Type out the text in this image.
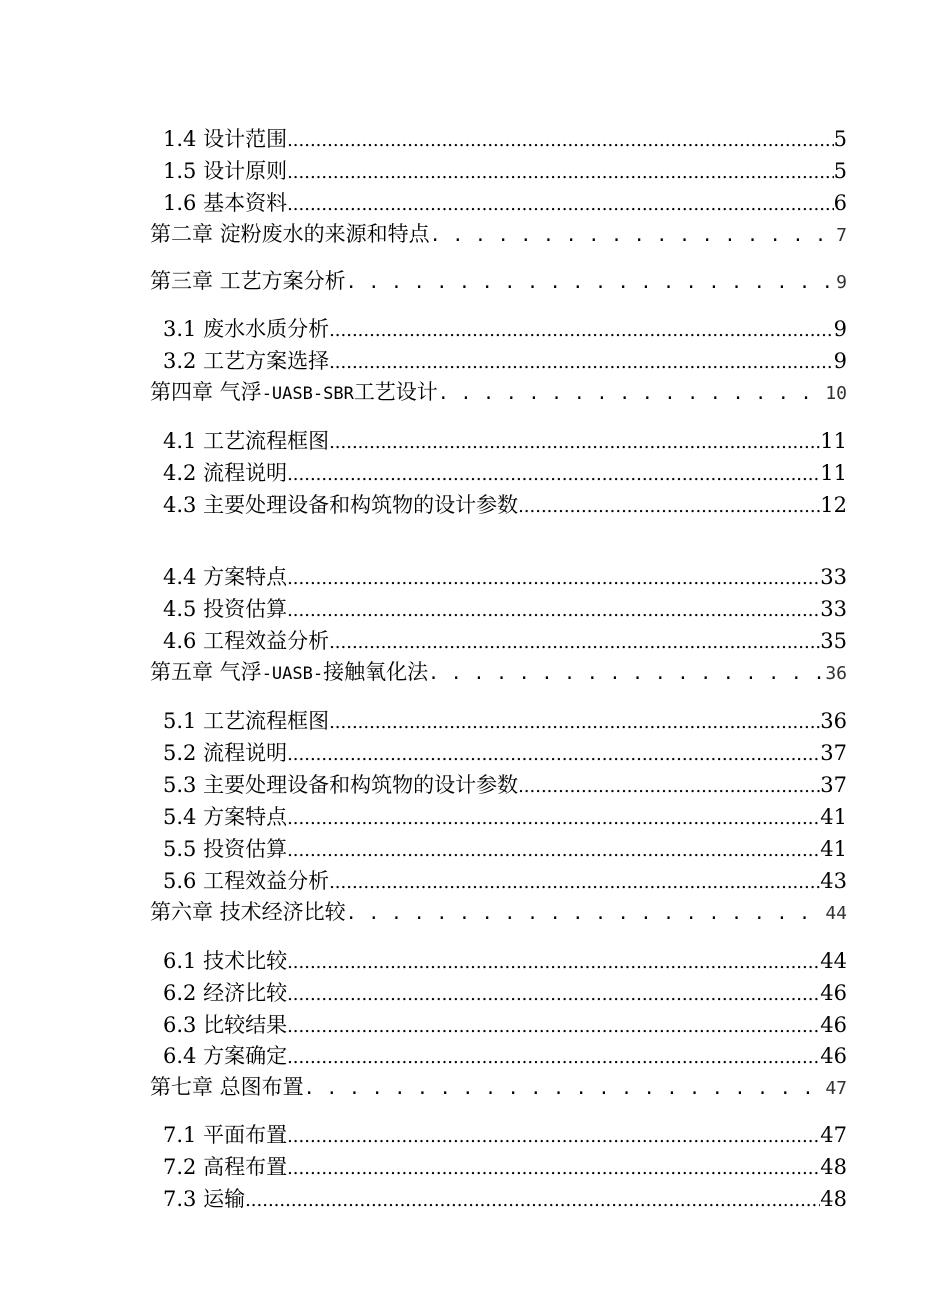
1.4 设计范围 .....	5
1.5 设计原则 .....	5
1.6 基本资料 .....	6
第二章 淀粉废水的来源和特点 . . .	7
第三章 工艺方案分析 . . .	9
3.1 废水水质分析 .....	9
3.2 工艺方案选择 .....	9
第四章 气浮-UASB-SBR工艺设计 . . .	10
4.1 工艺流程框图 .....	11
4.2 流程说明 .....	11
4.3 主要处理设备和构筑物的设计参数 .....	12
4.4 方案特点 .....	33
4.5 投资估算 .....	33
4.6 工程效益分析 .....	35
第五章 气浮-UASB-接触氧化法 . . .	36
5.1 工艺流程框图 .....	36
5.2 流程说明 .....	37
5.3 主要处理设备和构筑物的设计参数 .....	37
5.4 方案特点 .....	41
5.5 投资估算 .....	41
5.6 工程效益分析 .....	43
第六章 技术经济比较 . . .	44
6.1 技术比较 .....	44
6.2 经济比较 .....	46
6.3 比较结果 .....	46
6.4 方案确定 .....	46
第七章 总图布置 . . .	47
7.1 平面布置 .....	47
7.2 高程布置 .....	48
7.3 运输 .....	48
